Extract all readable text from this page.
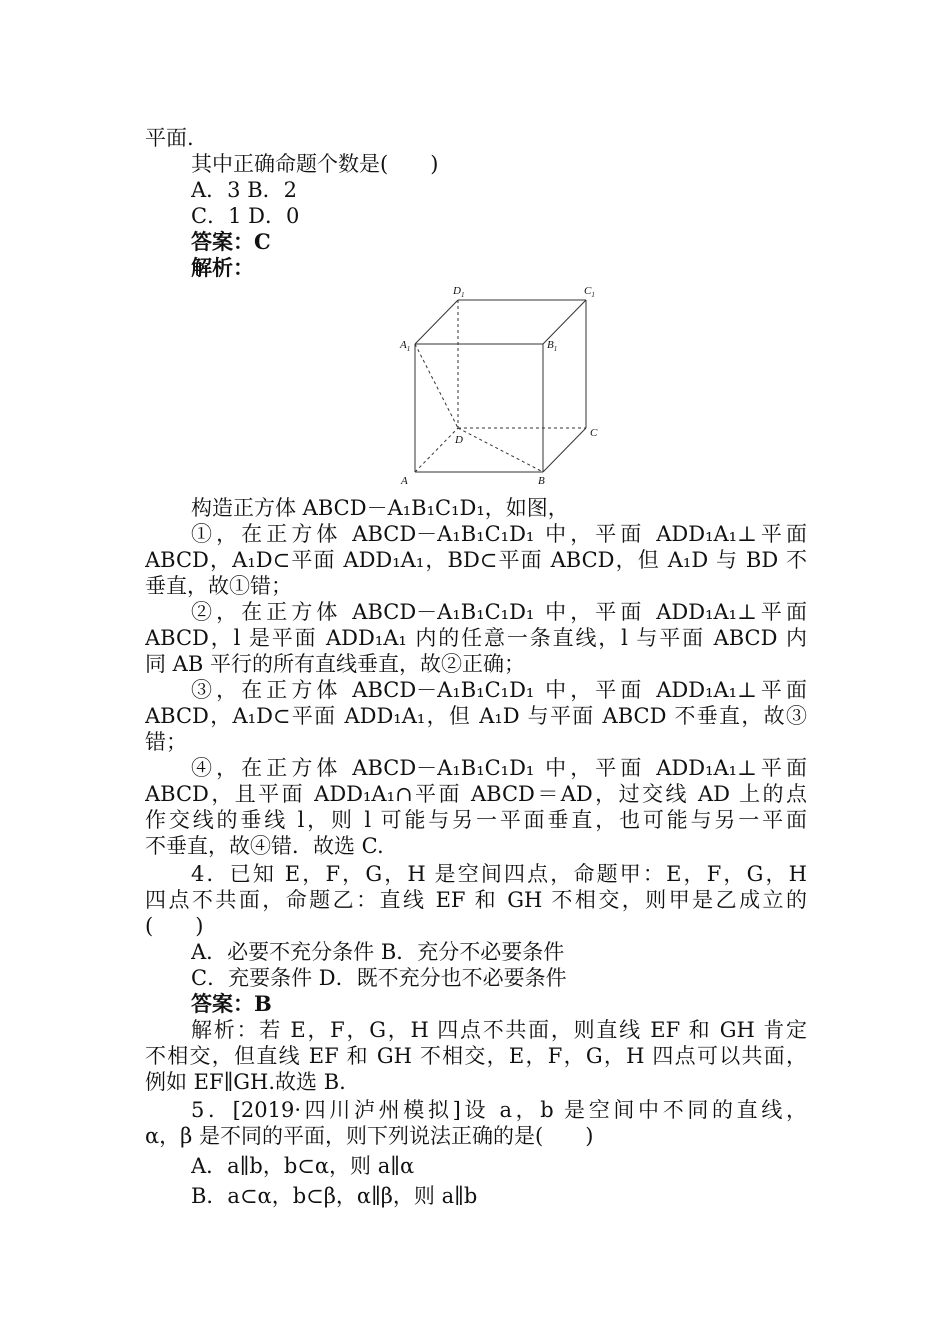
平面.
其中正确命题个数是(　　)
A．3 B．2
C．1 D．0
答案：C
解析：
$A_1$	$B_1$
$C_1$
$D_1$
A	B
C
D
构造正方体 ABCD－A₁B₁C₁D₁，如图，
①，在正方体 ABCD－A₁B₁C₁D₁ 中，平面 ADD₁A₁⊥平面
ABCD，A₁D⊂平面 ADD₁A₁，BD⊂平面 ABCD，但 A₁D 与 BD 不
垂直，故①错；
②，在正方体 ABCD－A₁B₁C₁D₁ 中，平面 ADD₁A₁⊥平面
ABCD，l 是平面 ADD₁A₁ 内的任意一条直线，l 与平面 ABCD 内
同 AB 平行的所有直线垂直，故②正确；
③，在正方体 ABCD－A₁B₁C₁D₁ 中，平面 ADD₁A₁⊥平面
ABCD，A₁D⊂平面 ADD₁A₁，但 A₁D 与平面 ABCD 不垂直，故③
错；
④，在正方体 ABCD－A₁B₁C₁D₁ 中，平面 ADD₁A₁⊥平面
ABCD，且平面 ADD₁A₁∩平面 ABCD＝AD，过交线 AD 上的点
作交线的垂线 l，则 l 可能与另一平面垂直，也可能与另一平面
不垂直，故④错．故选 C.
4．已知 E，F，G，H 是空间四点，命题甲：E，F，G，H
四点不共面，命题乙：直线 EF 和 GH 不相交，则甲是乙成立的
(　　)
A．必要不充分条件 B．充分不必要条件
C．充要条件 D．既不充分也不必要条件
答案：B
解析：若 E，F，G，H 四点不共面，则直线 EF 和 GH 肯定
不相交，但直线 EF 和 GH 不相交，E，F，G，H 四点可以共面，
例如 EF∥GH.故选 B.
5．[2019·四川泸州模拟]设 a，b 是空间中不同的直线，
α，β 是不同的平面，则下列说法正确的是(　　)
A．a∥b，b⊂α，则 a∥α
B．a⊂α，b⊂β，α∥β，则 a∥b
